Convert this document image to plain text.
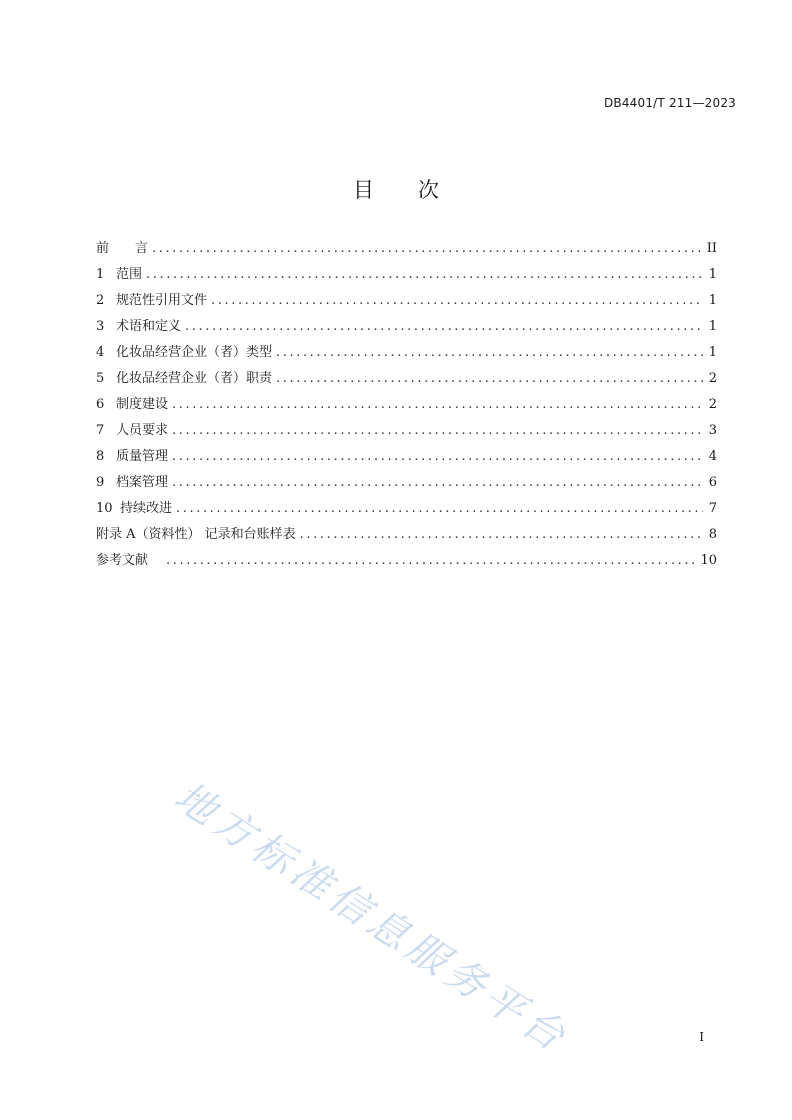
DB4401/T 211—2023
目 次
前　　言 .....	II
1 范围 .....	1
2 规范性引用文件 .....	1
3 术语和定义 .....	1
4 化妆品经营企业（者）类型 .....	1
5 化妆品经营企业（者）职责 .....	2
6 制度建设 .....	2
7 人员要求 .....	3
8 质量管理 .....	4
9 档案管理 .....	6
10 持续改进 .....	7
附录 A（资料性） 记录和台账样表 .....	8
参考文献 .....	10
地方标准信息服务平台	I
